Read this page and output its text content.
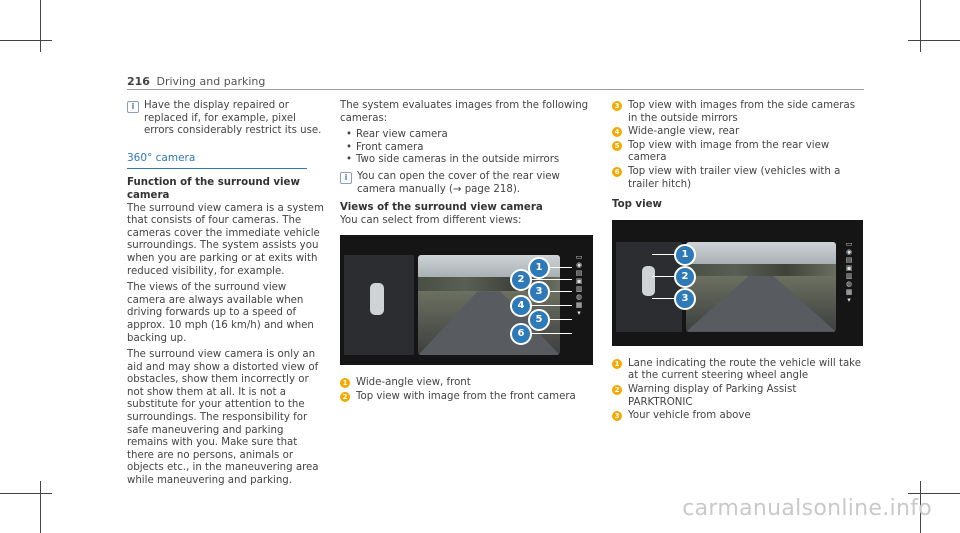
216 Driving and parking
i Have the display repaired or replaced if, for example, pixel errors considerably restrict its use.
360° camera
Function of the surround view camera

The surround view camera is a system that consists of four cameras. The cameras cover the immediate vehicle surroundings. The system assists you when you are parking or at exits with reduced visibility, for example.

The views of the surround view camera are always available when driving forwards up to a speed of approx. 10 mph (16 km/h) and when backing up.

The surround view camera is only an aid and may show a distorted view of obstacles, show them incorrectly or not show them at all. It is not a substitute for your attention to the surroundings. The responsibility for safe maneuvering and parking remains with you. Make sure that there are no persons, animals or objects etc., in the maneuvering area while maneuvering and parking.

The system evaluates images from the following cameras:

• Rear view camera
• Front camera
• Two side cameras in the outside mirrors
i You can open the cover of the rear view camera manually (→ page 218).
Views of the surround view camera

You can select from different views:

▭
◉
▤
▣
▥
◍
▦
▾
1
2
3
4
5
6
1 Wide-angle view, front
2 Top view with image from the front camera
3 Top view with images from the side cameras in the outside mirrors
4 Wide-angle view, rear
5 Top view with image from the rear view camera
6 Top view with trailer view (vehicles with a trailer hitch)
Top view
▭
◉
▤
▣
▥
◍
▦
▾
1
2
3
1 Lane indicating the route the vehicle will take at the current steering wheel angle
2 Warning display of Parking Assist PARKTRONIC
3 Your vehicle from above
carmanualsonline.info
